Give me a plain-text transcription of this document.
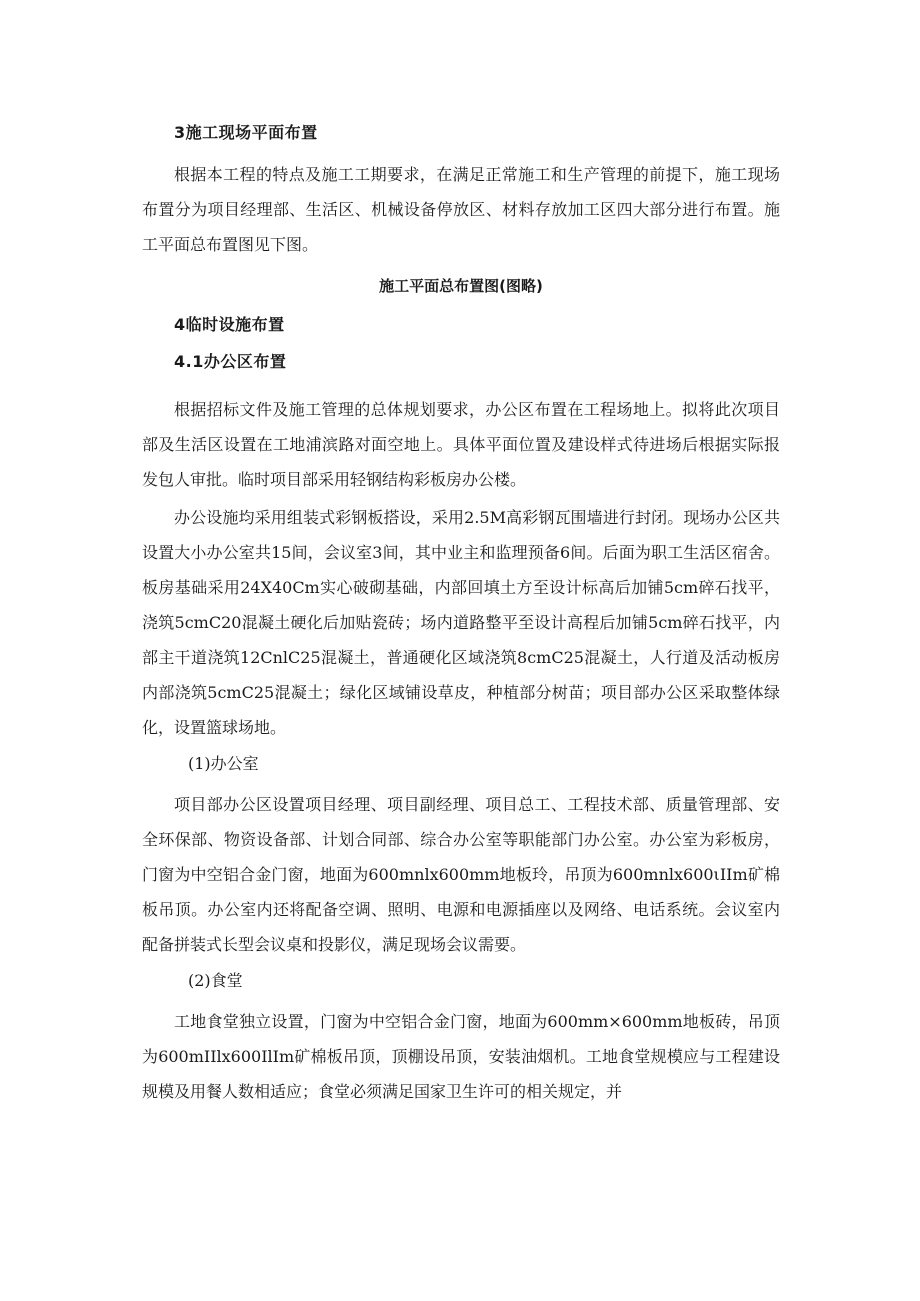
3施工现场平面布置

根据本工程的特点及施工工期要求，在满足正常施工和生产管理的前提下，施工现场布置分为项目经理部、生活区、机械设备停放区、材料存放加工区四大部分进行布置。施工平面总布置图见下图。

施工平面总布置图(图略)

4临时设施布置

4.1办公区布置

根据招标文件及施工管理的总体规划要求，办公区布置在工程场地上。拟将此次项目部及生活区设置在工地浦滨路对面空地上。具体平面位置及建设样式待进场后根据实际报发包人审批。临时项目部采用轻钢结构彩板房办公楼。

办公设施均采用组装式彩钢板搭设，采用2.5M高彩钢瓦围墙进行封闭。现场办公区共设置大小办公室共15间，会议室3间，其中业主和监理预备6间。后面为职工生活区宿舍。板房基础采用24X40Cm实心破砌基础，内部回填土方至设计标高后加铺5cm碎石找平，浇筑5cmC20混凝土硬化后加贴瓷砖；场内道路整平至设计高程后加铺5cm碎石找平，内部主干道浇筑12CnlC25混凝土，普通硬化区域浇筑8cmC25混凝土，人行道及活动板房内部浇筑5cmC25混凝土；绿化区域铺设草皮，种植部分树苗；项目部办公区采取整体绿化，设置篮球场地。

(1)办公室

项目部办公区设置项目经理、项目副经理、项目总工、工程技术部、质量管理部、安全环保部、物资设备部、计划合同部、综合办公室等职能部门办公室。办公室为彩板房，门窗为中空铝合金门窗，地面为600mnlx600mm地板玲，吊顶为600mnlx600ιIIm矿棉板吊顶。办公室内还将配备空调、照明、电源和电源插座以及网络、电话系统。会议室内配备拼装式长型会议桌和投影仪，满足现场会议需要。

(2)食堂

工地食堂独立设置，门窗为中空铝合金门窗，地面为600mm×600mm地板砖，吊顶为600mIIlx600IlIm矿棉板吊顶，顶棚设吊顶，安装油烟机。工地食堂规模应与工程建设规模及用餐人数相适应；食堂必须满足国家卫生许可的相关规定，并
